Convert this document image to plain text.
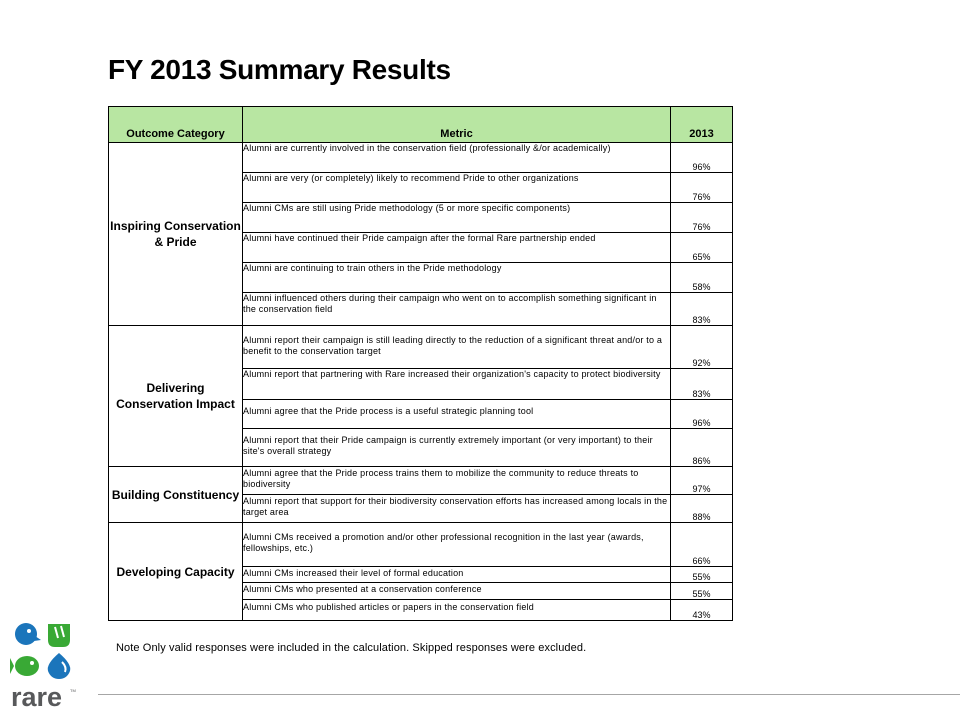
FY 2013 Summary Results
Outcome Category	Metric	2013
Inspiring Conservation & Pride	Alumni are currently involved in the conservation field (professionally &/or academically)	96%
	Alumni are very (or completely) likely to recommend Pride to other organizations	76%
	Alumni CMs are still using Pride methodology (5 or more specific components)	76%
	Alumni have continued their Pride campaign after the formal Rare partnership ended	65%
	Alumni are continuing to train others in the Pride methodology	58%
	Alumni influenced others during their campaign who went on to accomplish something significant in the conservation field	83%
Delivering Conservation Impact	Alumni report their campaign is still leading directly to the reduction of a significant threat and/or to a benefit to the conservation target	92%
	Alumni report that partnering with Rare increased their organization's capacity to protect biodiversity	83%
	Alumni agree that the Pride process is a useful strategic planning tool	96%
	Alumni report that their Pride campaign is currently extremely important (or very important) to their site's overall strategy	86%
Building Constituency	Alumni agree that the Pride process trains them to mobilize the community to reduce threats to biodiversity	97%
	Alumni report that support for their biodiversity conservation efforts has increased among locals in the target area	88%
Developing Capacity	Alumni CMs received a promotion and/or other professional recognition in the last year (awards, fellowships, etc.)	66%
	Alumni CMs increased their level of formal education	55%
	Alumni CMs who presented at a conservation conference	55%
	Alumni CMs who published articles or papers in the conservation field	43%
Note Only valid responses were included in the calculation. Skipped responses were excluded.
rare TM
